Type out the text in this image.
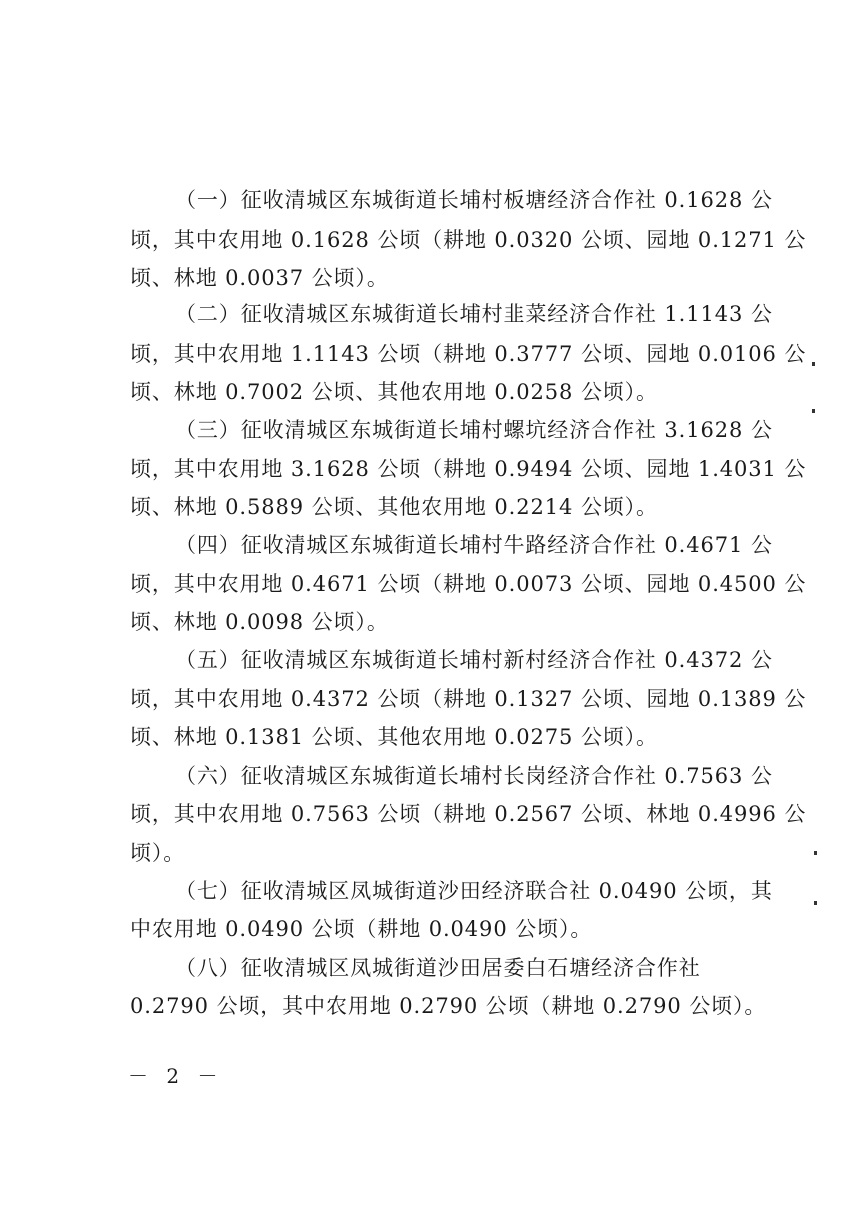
（一）征收清城区东城街道长埔村板塘经济合作社 0.1628 公
顷，其中农用地 0.1628 公顷（耕地 0.0320 公顷、园地 0.1271 公
顷、林地 0.0037 公顷）。
（二）征收清城区东城街道长埔村韭菜经济合作社 1.1143 公
顷，其中农用地 1.1143 公顷（耕地 0.3777 公顷、园地 0.0106 公
顷、林地 0.7002 公顷、其他农用地 0.0258 公顷）。
（三）征收清城区东城街道长埔村螺坑经济合作社 3.1628 公
顷，其中农用地 3.1628 公顷（耕地 0.9494 公顷、园地 1.4031 公
顷、林地 0.5889 公顷、其他农用地 0.2214 公顷）。
（四）征收清城区东城街道长埔村牛路经济合作社 0.4671 公
顷，其中农用地 0.4671 公顷（耕地 0.0073 公顷、园地 0.4500 公
顷、林地 0.0098 公顷）。
（五）征收清城区东城街道长埔村新村经济合作社 0.4372 公
顷，其中农用地 0.4372 公顷（耕地 0.1327 公顷、园地 0.1389 公
顷、林地 0.1381 公顷、其他农用地 0.0275 公顷）。
（六）征收清城区东城街道长埔村长岗经济合作社 0.7563 公
顷，其中农用地 0.7563 公顷（耕地 0.2567 公顷、林地 0.4996 公
顷）。
（七）征收清城区凤城街道沙田经济联合社 0.0490 公顷，其
中农用地 0.0490 公顷（耕地 0.0490 公顷）。
（八）征收清城区凤城街道沙田居委白石塘经济合作社
0.2790 公顷，其中农用地 0.2790 公顷（耕地 0.2790 公顷）。
－ 2 －
